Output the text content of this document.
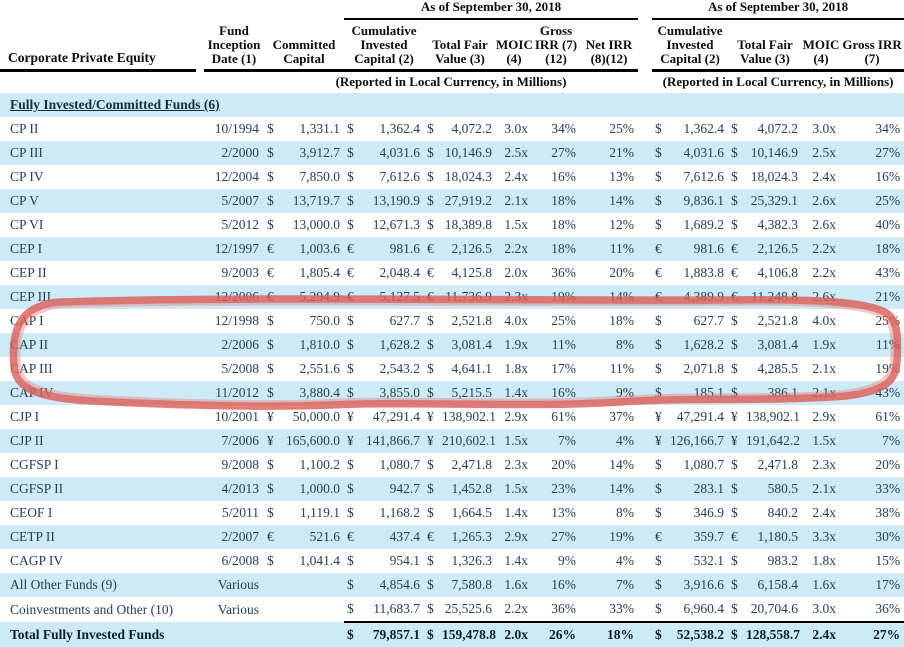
					As of September 30, 2018								As of September 30, 2018					
Corporate Private Equity		Fund Inception Date (1)	Committed Capital		Cumulative Invested Capital (2)		Total Fair Value (3)		MOIC (4)	Gross IRR (7)(12)	Net IRR (8)(12)		Cumulative Invested Capital (2)		Total Fair Value (3)		MOIC (4)	Gross IRR (7)
			(Reported in Local Currency, in Millions)										(Reported in Local Currency, in Millions)					
Fully Invested/Committed Funds (6)																		
CP II		10/1994	$	1,331.1	$	1,362.4	$	4,072.2	3.0x	34%	25%		$	1,362.4	$	4,072.2	3.0x	34%
CP III		2/2000	$	3,912.7	$	4,031.6	$	10,146.9	2.5x	27%	21%		$	4,031.6	$	10,146.9	2.5x	27%
CP IV		12/2004	$	7,850.0	$	7,612.6	$	18,024.3	2.4x	16%	13%		$	7,612.6	$	18,024.3	2.4x	16%
CP V		5/2007	$	13,719.7	$	13,190.9	$	27,919.2	2.1x	18%	14%		$	9,836.1	$	25,329.1	2.6x	25%
CP VI		5/2012	$	13,000.0	$	12,671.3	$	18,389.8	1.5x	18%	12%		$	1,689.2	$	4,382.3	2.6x	40%
CEP I		12/1997	€	1,003.6	€	981.6	€	2,126.5	2.2x	18%	11%		€	981.6	€	2,126.5	2.2x	18%
CEP II		9/2003	€	1,805.4	€	2,048.4	€	4,125.8	2.0x	36%	20%		€	1,883.8	€	4,106.8	2.2x	43%
CEP III		12/2006	€	5,294.9	€	5,127.5	€	11,736.9	2.3x	19%	14%		€	4,389.9	€	11,248.8	2.6x	21%
CAP I		12/1998	$	750.0	$	627.7	$	2,521.8	4.0x	25%	18%		$	627.7	$	2,521.8	4.0x	25%
CAP II		2/2006	$	1,810.0	$	1,628.2	$	3,081.4	1.9x	11%	8%		$	1,628.2	$	3,081.4	1.9x	11%
CAP III		5/2008	$	2,551.6	$	2,543.2	$	4,641.1	1.8x	17%	11%		$	2,071.8	$	4,285.5	2.1x	19%
CAP IV		11/2012	$	3,880.4	$	3,855.0	$	5,215.5	1.4x	16%	9%		$	185.1	$	386.1	2.1x	43%
CJP I		10/2001	¥	50,000.0	¥	47,291.4	¥	138,902.1	2.9x	61%	37%		¥	47,291.4	¥	138,902.1	2.9x	61%
CJP II		7/2006	¥	165,600.0	¥	141,866.7	¥	210,602.1	1.5x	7%	4%		¥	126,166.7	¥	191,642.2	1.5x	7%
CGFSP I		9/2008	$	1,100.2	$	1,080.7	$	2,471.8	2.3x	20%	14%		$	1,080.7	$	2,471.8	2.3x	20%
CGFSP II		4/2013	$	1,000.0	$	942.7	$	1,452.8	1.5x	23%	14%		$	283.1	$	580.5	2.1x	33%
CEOF I		5/2011	$	1,119.1	$	1,168.2	$	1,664.5	1.4x	13%	8%		$	346.9	$	840.2	2.4x	38%
CETP II		2/2007	€	521.6	€	437.4	€	1,265.3	2.9x	27%	19%		€	359.7	€	1,180.5	3.3x	30%
CAGP IV		6/2008	$	1,041.4	$	954.1	$	1,326.3	1.4x	9%	4%		$	532.1	$	983.2	1.8x	15%
All Other Funds (9)		Various			$	4,854.6	$	7,580.8	1.6x	16%	7%		$	3,916.6	$	6,158.4	1.6x	17%
Coinvestments and Other (10)		Various			$	11,683.7	$	25,525.6	2.2x	36%	33%		$	6,960.4	$	20,704.6	3.0x	36%
Total Fully Invested Funds					$	79,857.1	$	159,478.8	2.0x	26%	18%		$	52,538.2	$	128,558.7	2.4x	27%
